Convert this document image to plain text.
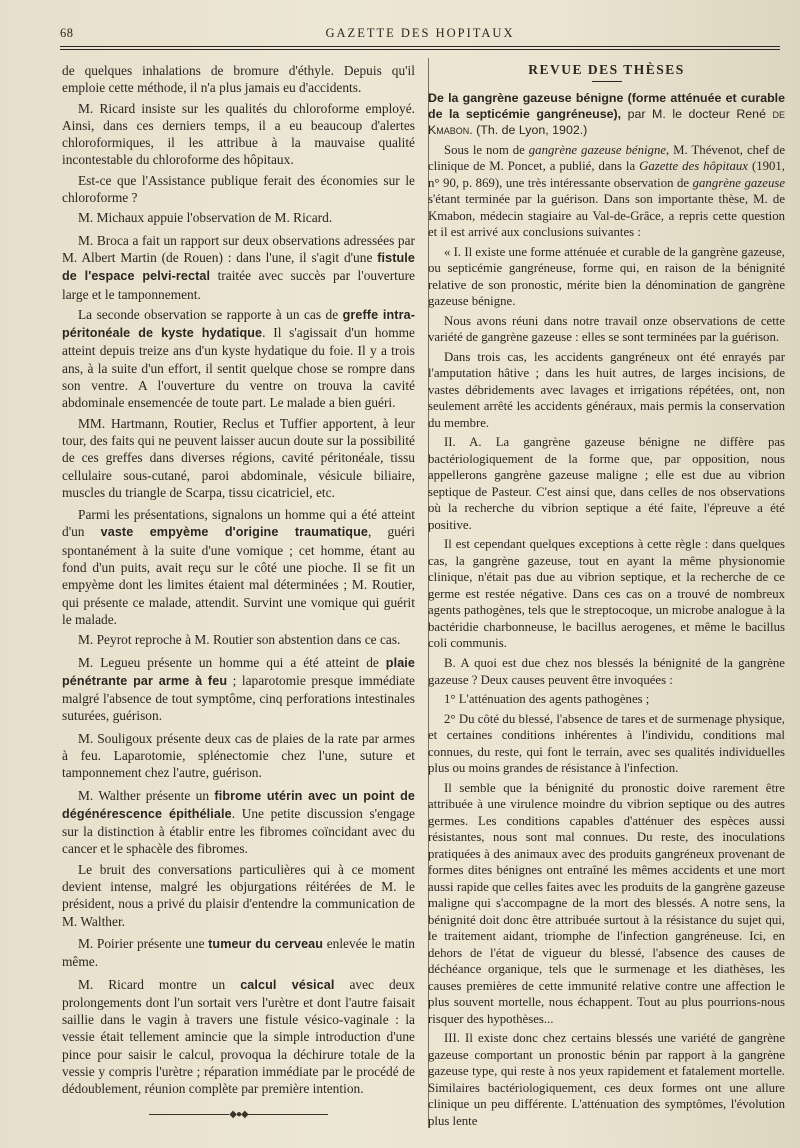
68	GAZETTE DES HOPITAUX

de quelques inhalations de bromure d'éthyle. Depuis qu'il emploie cette méthode, il n'a plus jamais eu d'accidents.

M. Ricard insiste sur les qualités du chloroforme employé. Ainsi, dans ces derniers temps, il a eu beaucoup d'alertes chloroformiques, il les attribue à la mauvaise qualité incontestable du chloroforme des hôpitaux.

Est-ce que l'Assistance publique ferait des économies sur le chloroforme ?

M. Michaux appuie l'observation de M. Ricard.

M. Broca a fait un rapport sur deux observations adressées par M. Albert Martin (de Rouen) : dans l'une, il s'agit d'une fistule de l'espace pelvi-rectal traitée avec succès par l'ouverture large et le tamponnement.

La seconde observation se rapporte à un cas de greffe intra-péritonéale de kyste hydatique. Il s'agissait d'un homme atteint depuis treize ans d'un kyste hydatique du foie. Il y a trois ans, à la suite d'un effort, il sentit quelque chose se rompre dans son ventre. A l'ouverture du ventre on trouva la cavité abdominale ensemencée de toute part. Le malade a bien guéri.

MM. Hartmann, Routier, Reclus et Tuffier apportent, à leur tour, des faits qui ne peuvent laisser aucun doute sur la possibilité de ces greffes dans diverses régions, cavité péritonéale, tissu cellulaire sous-cutané, paroi abdominale, vésicule biliaire, muscles du triangle de Scarpa, tissu cicatriciel, etc.

Parmi les présentations, signalons un homme qui a été atteint d'un vaste empyème d'origine traumatique, guéri spontanément à la suite d'une vomique ; cet homme, étant au fond d'un puits, avait reçu sur le côté une pioche. Il se fit un empyème dont les limites étaient mal déterminées ; M. Routier, qui présente ce malade, attendit. Survint une vomique qui guérit le malade.

M. Peyrot reproche à M. Routier son abstention dans ce cas.

M. Legueu présente un homme qui a été atteint de plaie pénétrante par arme à feu ; laparotomie presque immédiate malgré l'absence de tout symptôme, cinq perforations intestinales suturées, guérison.

M. Souligoux présente deux cas de plaies de la rate par armes à feu. Laparotomie, splénectomie chez l'une, suture et tamponnement chez l'autre, guérison.

M. Walther présente un fibrome utérin avec un point de dégénérescence épithéliale. Une petite discussion s'engage sur la distinction à établir entre les fibromes coïncidant avec du cancer et le sphacèle des fibromes.

Le bruit des conversations particulières qui à ce moment devient intense, malgré les objurgations réitérées de M. le président, nous a privé du plaisir d'entendre la communication de M. Walther.

M. Poirier présente une tumeur du cerveau enlevée le matin même.

M. Ricard montre un calcul vésical avec deux prolongements dont l'un sortait vers l'urètre et dont l'autre faisait saillie dans le vagin à travers une fistule vésico-vaginale : la vessie était tellement amincie que la simple introduction d'une pince pour saisir le calcul, provoqua la déchirure totale de la vessie y compris l'urètre ; réparation immédiate par le procédé de dédoublement, réunion complète par première intention.

◆●◆
REVUE DES THÈSES
De la gangrène gazeuse bénigne (forme atténuée et curable de la septicémie gangréneuse), par M. le docteur René de Kmabon. (Th. de Lyon, 1902.)

Sous le nom de gangrène gazeuse bénigne, M. Thévenot, chef de clinique de M. Poncet, a publié, dans la Gazette des hôpitaux (1901, n° 90, p. 869), une très intéressante observation de gangrène gazeuse s'étant terminée par la guérison. Dans son importante thèse, M. de Kmabon, médecin stagiaire au Val-de-Grâce, a repris cette question et il est arrivé aux conclusions suivantes :

« I. Il existe une forme atténuée et curable de la gangrène gazeuse, ou septicémie gangréneuse, forme qui, en raison de la bénignité relative de son pronostic, mérite bien la dénomination de gangrène gazeuse bénigne.

Nous avons réuni dans notre travail onze observations de cette variété de gangrène gazeuse : elles se sont terminées par la guérison.

Dans trois cas, les accidents gangréneux ont été enrayés par l'amputation hâtive ; dans les huit autres, de larges incisions, de vastes débridements avec lavages et irrigations répétées, ont, non seulement arrêté les accidents généraux, mais permis la conservation du membre.

II. A. La gangrène gazeuse bénigne ne diffère pas bactériologiquement de la forme que, par opposition, nous appellerons gangrène gazeuse maligne ; elle est due au vibrion septique de Pasteur. C'est ainsi que, dans celles de nos observations où la recherche du vibrion septique a été faite, l'épreuve a été positive.

Il est cependant quelques exceptions à cette règle : dans quelques cas, la gangrène gazeuse, tout en ayant la même physionomie clinique, n'était pas due au vibrion septique, et la recherche de ce germe est restée négative. Dans ces cas on a trouvé de nombreux agents pathogènes, tels que le streptocoque, un microbe analogue à la bactéridie charbonneuse, le bacillus aerogenes, et même le bacillus coli communis.

B. A quoi est due chez nos blessés la bénignité de la gangrène gazeuse ? Deux causes peuvent être invoquées :

1° L'atténuation des agents pathogènes ;

2° Du côté du blessé, l'absence de tares et de surmenage physique, et certaines conditions inhérentes à l'individu, conditions mal connues, du reste, qui font le terrain, avec ses qualités individuelles plus ou moins grandes de résistance à l'infection.

Il semble que la bénignité du pronostic doive rarement être attribuée à une virulence moindre du vibrion septique ou des autres germes. Les conditions capables d'atténuer des espèces aussi résistantes, nous sont mal connues. Du reste, des inoculations pratiquées à des animaux avec des produits gangréneux provenant de formes dites bénignes ont entraîné les mêmes accidents et une mort aussi rapide que celles faites avec les produits de la gangrène gazeuse maligne qui s'accompagne de la mort des blessés. A notre sens, la bénignité doit donc être attribuée surtout à la résistance du sujet qui, le traitement aidant, triomphe de l'infection gangréneuse. Ici, en dehors de l'état de vigueur du blessé, l'absence des causes de déchéance organique, tels que le surmenage et les diathèses, les causes premières de cette immunité relative contre une affection le plus souvent mortelle, nous échappent. Tout au plus pourrions-nous risquer des hypothèses...

III. Il existe donc chez certains blessés une variété de gangrène gazeuse comportant un pronostic bénin par rapport à la gangrène gazeuse type, qui reste à nos yeux rapidement et fatalement mortelle. Similaires bactériologiquement, ces deux formes ont une allure clinique un peu différente. L'atténuation des symptômes, l'évolution plus lente
